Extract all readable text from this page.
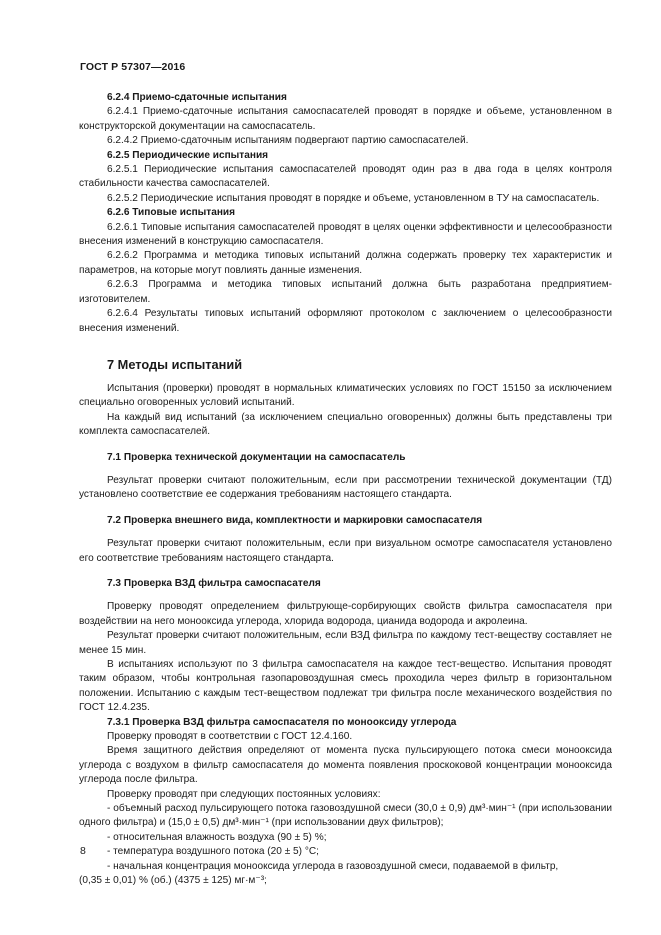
ГОСТ Р 57307—2016

6.2.4 Приемо-сдаточные испытания

6.2.4.1 Приемо-сдаточные испытания самоспасателей проводят в порядке и объеме, установленном в конструкторской документации на самоспасатель.

6.2.4.2 Приемо-сдаточным испытаниям подвергают партию самоспасателей.

6.2.5 Периодические испытания

6.2.5.1 Периодические испытания самоспасателей проводят один раз в два года в целях контроля стабильности качества самоспасателей.

6.2.5.2 Периодические испытания проводят в порядке и объеме, установленном в ТУ на самоспасатель.

6.2.6 Типовые испытания

6.2.6.1 Типовые испытания самоспасателей проводят в целях оценки эффективности и целесообразности внесения изменений в конструкцию самоспасателя.

6.2.6.2 Программа и методика типовых испытаний должна содержать проверку тех характеристик и параметров, на которые могут повлиять данные изменения.

6.2.6.3 Программа и методика типовых испытаний должна быть разработана предприятием-изготовителем.

6.2.6.4 Результаты типовых испытаний оформляют протоколом с заключением о целесообразности внесения изменений.

7 Методы испытаний

Испытания (проверки) проводят в нормальных климатических условиях по ГОСТ 15150 за исключением специально оговоренных условий испытаний.

На каждый вид испытаний (за исключением специально оговоренных) должны быть представлены три комплекта самоспасателей.

7.1 Проверка технической документации на самоспасатель

Результат проверки считают положительным, если при рассмотрении технической документации (ТД) установлено соответствие ее содержания требованиям настоящего стандарта.

7.2 Проверка внешнего вида, комплектности и маркировки самоспасателя

Результат проверки считают положительным, если при визуальном осмотре самоспасателя установлено его соответствие требованиям настоящего стандарта.

7.3 Проверка ВЗД фильтра самоспасателя

Проверку проводят определением фильтрующе-сорбирующих свойств фильтра самоспасателя при воздействии на него монооксида углерода, хлорида водорода, цианида водорода и акролеина.

Результат проверки считают положительным, если ВЗД фильтра по каждому тест-веществу составляет не менее 15 мин.

В испытаниях используют по 3 фильтра самоспасателя на каждое тест-вещество. Испытания проводят таким образом, чтобы контрольная газопаровоздушная смесь проходила через фильтр в горизонтальном положении. Испытанию с каждым тест-веществом подлежат три фильтра после механического воздействия по ГОСТ 12.4.235.

7.3.1 Проверка ВЗД фильтра самоспасателя по монооксиду углерода

Проверку проводят в соответствии с ГОСТ 12.4.160.

Время защитного действия определяют от момента пуска пульсирующего потока смеси монооксида углерода с воздухом в фильтр самоспасателя до момента появления проскоковой концентрации монооксида углерода после фильтра.

Проверку проводят при следующих постоянных условиях:

- объемный расход пульсирующего потока газовоздушной смеси (30,0 ± 0,9) дм³·мин⁻¹ (при использовании одного фильтра) и (15,0 ± 0,5) дм³·мин⁻¹ (при использовании двух фильтров);

- относительная влажность воздуха (90 ± 5) %;

- температура воздушного потока (20 ± 5) °С;

- начальная концентрация монооксида углерода в газовоздушной смеси, подаваемой в фильтр,

(0,35 ± 0,01) % (об.) (4375 ± 125) мг·м⁻³;

8
